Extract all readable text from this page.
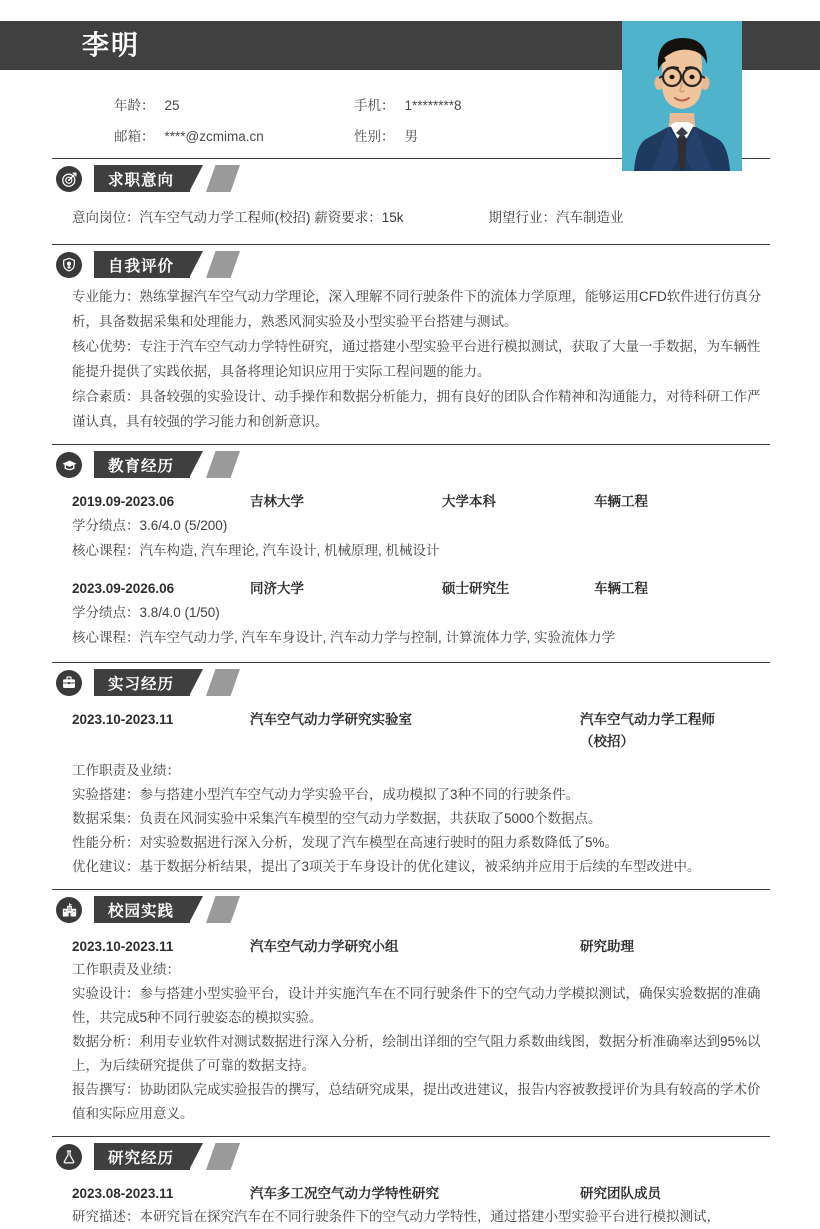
李明
年龄 ： 25	手机 ： 1********8
邮箱 ： ****@zcmima.cn	性别 ： 男
求职意向
意向岗位：汽车空气动力学工程师(校招) 薪资要求：15k	期望行业：汽车制造业
自我评价
专业能力：熟练掌握汽车空气动力学理论，深入理解不同行驶条件下的流体力学原理，能够运用CFD软件进行仿真分析，具备数据采集和处理能力，熟悉风洞实验及小型实验平台搭建与测试。
核心优势：专注于汽车空气动力学特性研究，通过搭建小型实验平台进行模拟测试，获取了大量一手数据，为车辆性能提升提供了实践依据，具备将理论知识应用于实际工程问题的能力。
综合素质：具备较强的实验设计、动手操作和数据分析能力，拥有良好的团队合作精神和沟通能力，对待科研工作严谨认真，具有较强的学习能力和创新意识。
教育经历
2019.09-2023.06	吉林大学	大学本科	车辆工程
学分绩点：3.6/4.0 (5/200)
核心课程：汽车构造, 汽车理论, 汽车设计, 机械原理, 机械设计
2023.09-2026.06	同济大学	硕士研究生	车辆工程
学分绩点：3.8/4.0 (1/50)
核心课程：汽车空气动力学, 汽车车身设计, 汽车动力学与控制, 计算流体力学, 实验流体力学
实习经历
2023.10-2023.11	汽车空气动力学研究实验室	汽车空气动力学工程师（校招）
工作职责及业绩：
实验搭建：参与搭建小型汽车空气动力学实验平台，成功模拟了3种不同的行驶条件。
数据采集：负责在风洞实验中采集汽车模型的空气动力学数据，共获取了5000个数据点。
性能分析：对实验数据进行深入分析，发现了汽车模型在高速行驶时的阻力系数降低了5%。
优化建议：基于数据分析结果，提出了3项关于车身设计的优化建议，被采纳并应用于后续的车型改进中。
校园实践
2023.10-2023.11	汽车空气动力学研究小组	研究助理
工作职责及业绩：
实验设计：参与搭建小型实验平台，设计并实施汽车在不同行驶条件下的空气动力学模拟测试，确保实验数据的准确性，共完成5种不同行驶姿态的模拟实验。
数据分析：利用专业软件对测试数据进行深入分析，绘制出详细的空气阻力系数曲线图，数据分析准确率达到95%以上，为后续研究提供了可靠的数据支持。
报告撰写：协助团队完成实验报告的撰写，总结研究成果，提出改进建议，报告内容被教授评价为具有较高的学术价值和实际应用意义。
研究经历
2023.08-2023.11	汽车多工况空气动力学特性研究	研究团队成员
研究描述：本研究旨在探究汽车在不同行驶条件下的空气动力学特性，通过搭建小型实验平台进行模拟测试，
